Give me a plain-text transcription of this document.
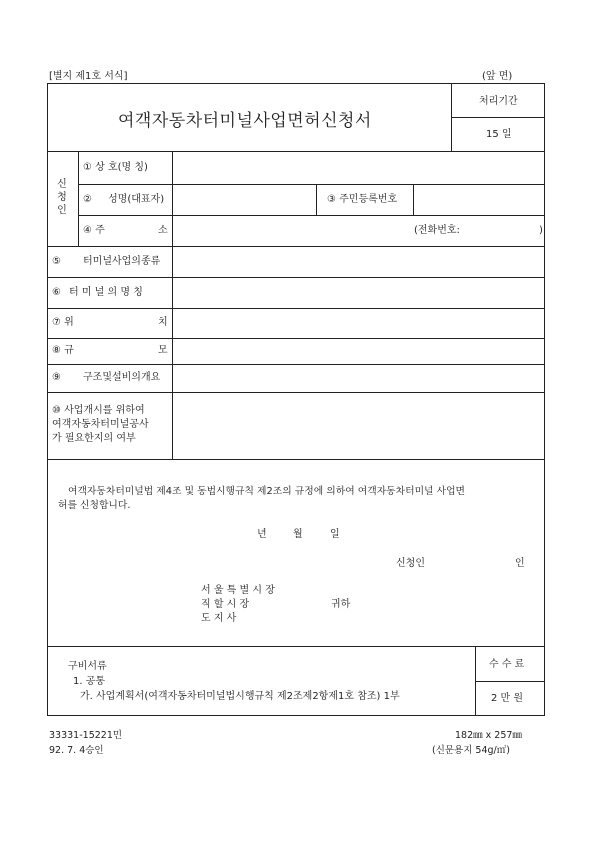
[별지 제1호 서식]	(앞 면)
여객자동차터미널사업면허신청서
처리기간
15 일
신
청
인
① 상 호(명 칭)
② 성명(대표자)	③ 주민등록번호
④ 주	소	(전화번호:	)
⑤ 터미널사업의종류
⑥ 터 미 널 의 명 칭
⑦ 위	치
⑧ 규	모
⑨ 구조및설비의개요
⑩ 사업개시를 위하여
여객자동차터미널공사
가 필요한지의 여부
여객자동차터미널법 제4조 및 동법시행규칙 제2조의 규정에 의하여 여객자동차터미널 사업면
허를 신청합니다.
년	월	일
신청인	인
서 울 특 별 시 장
직 할 시 장
도 지 사
귀하
구비서류
1. 공통
가. 사업계획서(여객자동차터미널법시행규칙 제2조제2항제1호 참조) 1부
수 수 료
2 만 원
33331-15221민
92. 7. 4승인
182㎜ x 257㎜
(신문용지 54g/㎡)
